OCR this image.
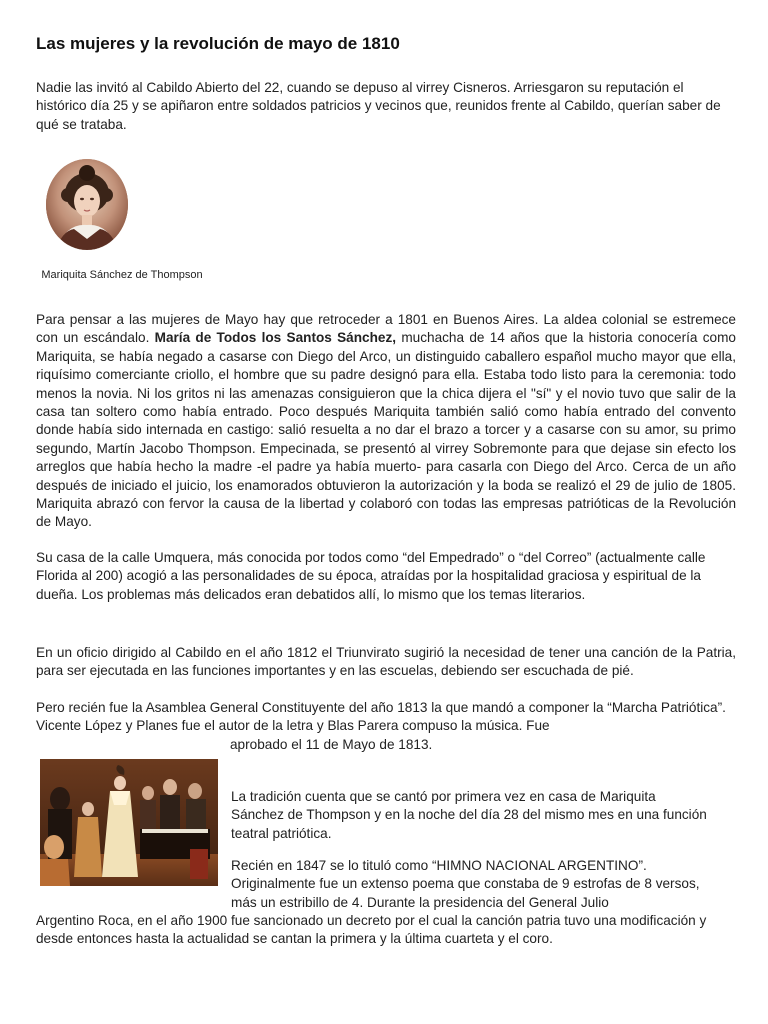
Las mujeres y la revolución de mayo de 1810

Nadie las invitó al Cabildo Abierto del 22, cuando se depuso al virrey Cisneros. Arriesgaron su reputación el histórico día 25 y se apiñaron entre soldados patricios y vecinos que, reunidos frente al Cabildo, querían saber de qué se trataba.

Mariquita Sánchez de Thompson

Para pensar a las mujeres de Mayo hay que retroceder a 1801 en Buenos Aires. La aldea colonial se estremece con un escándalo. María de Todos los Santos Sánchez, muchacha de 14 años que la historia conocería como Mariquita, se había negado a casarse con Diego del Arco, un distinguido caballero español mucho mayor que ella, riquísimo comerciante criollo, el hombre que su padre designó para ella. Estaba todo listo para la ceremonia: todo menos la novia. Ni los gritos ni las amenazas consiguieron que la chica dijera el "sí" y el novio tuvo que salir de la casa tan soltero como había entrado. Poco después Mariquita también salió como había entrado del convento donde había sido internada en castigo: salió resuelta a no dar el brazo a torcer y a casarse con su amor, su primo segundo, Martín Jacobo Thompson. Empecinada, se presentó al virrey Sobremonte para que dejase sin efecto los arreglos que había hecho la madre -el padre ya había muerto- para casarla con Diego del Arco. Cerca de un año después de iniciado el juicio, los enamorados obtuvieron la autorización y la boda se realizó el 29 de julio de 1805. Mariquita abrazó con fervor la causa de la libertad y colaboró con todas las empresas patrióticas de la Revolución de Mayo.

Su casa de la calle Umquera, más conocida por todos como “del Empedrado” o “del Correo” (actualmente calle Florida al 200) acogió a las personalidades de su época, atraídas por la hospitalidad graciosa y espiritual de la dueña. Los problemas más delicados eran debatidos allí, lo mismo que los temas literarios.

En un oficio dirigido al Cabildo en el año 1812 el Triunvirato sugirió la necesidad de tener una canción de la Patria, para ser ejecutada en las funciones importantes y en las escuelas, debiendo ser escuchada de pié.

Pero recién fue la Asamblea General Constituyente del año 1813 la que mandó a componer la “Marcha Patriótica”. Vicente López y Planes fue el autor de la letra y Blas Parera compuso la música. Fue
aprobado el 11 de Mayo de 1813.

La tradición cuenta que se cantó por primera vez en casa de Mariquita Sánchez de Thompson y en la noche del día 28 del mismo mes en una función teatral patriótica.

Recién en 1847 se lo tituló como “HIMNO NACIONAL ARGENTINO”. Originalmente fue un extenso poema que constaba de 9 estrofas de 8 versos, más un estribillo de 4. Durante la presidencia del General Julio

Argentino Roca, en el año 1900 fue sancionado un decreto por el cual la canción patria tuvo una modificación y desde entonces hasta la actualidad se cantan la primera y la última cuarteta y el coro.
